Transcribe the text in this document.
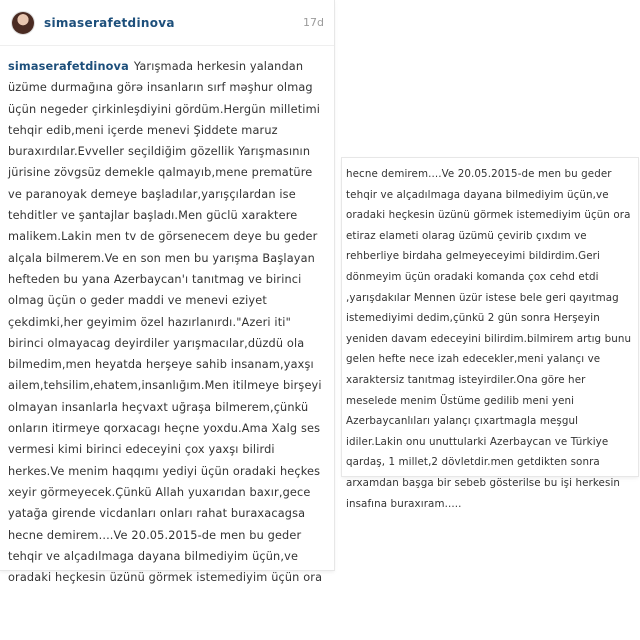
simaserafetdinova	17d
simaserafetdinova Yarışmada herkesin yalandan üzüme durmağına görə insanların sırf məşhur olmag üçün negeder çirkinleşdiyini gördüm.Hergün milletimi tehqir edib,meni içerde menevi Şiddete maruz buraxırdılar.Evveller seçildiğim gözellik Yarışmasının jürisine zövgsüz demekle qalmayıb,mene prematüre ve paranoyak demeye başladılar,yarışçılardan ise tehditler ve şantajlar başladı.Men güclü xaraktere malikem.Lakin men tv de görsenecem deye bu geder alçala bilmerem.Ve en son men bu yarışma Başlayan hefteden bu yana Azerbaycan'ı tanıtmag ve birinci olmag üçün o geder maddi ve menevi eziyet çekdimki,her geyimim özel hazırlanırdı."Azeri iti" birinci olmayacag deyirdiler yarışmacılar,düzdü ola bilmedim,men heyatda herşeye sahib insanam,yaxşı ailem,tehsilim,ehatem,insanlığım.Men itilmeye birşeyi olmayan insanlarla heçvaxt uğraşa bilmerem,çünkü onların itirmeye qorxacagı heçne yoxdu.Ama Xalg ses vermesi kimi birinci edeceyini çox yaxşı bilirdi herkes.Ve menim haqqımı yediyi üçün oradaki heçkes xeyir görmeyecek.Çünkü Allah yuxarıdan baxır,gece yatağa girende vicdanları onları rahat buraxacagsa hecne demirem....Ve 20.05.2015-de men bu geder tehqir ve alçadılmaga dayana bilmediyim üçün,ve oradaki heçkesin üzünü görmek istemediyim üçün ora
hecne demirem....Ve 20.05.2015-de men bu geder tehqir ve alçadılmaga dayana bilmediyim üçün,ve oradaki heçkesin üzünü görmek istemediyim üçün ora etiraz elameti olarag üzümü çevirib çıxdım ve rehberliye birdaha gelmeyeceyimi bildirdim.Geri dönmeyim üçün oradaki komanda çox cehd etdi ,yarışdakılar Mennen üzür istese bele geri qayıtmag istemediyimi dedim,çünkü 2 gün sonra Herşeyin yeniden davam edeceyini bilirdim.bilmirem artıg bunu gelen hefte nece izah edecekler,meni yalançı ve xaraktersiz tanıtmag isteyirdiler.Ona göre her meselede menim Üstüme gedilib meni yeni Azerbaycanlıları yalançı çıxartmagla meşgul idiler.Lakin onu unuttularki Azerbaycan ve Türkiye qardaş, 1 millet,2 dövletdir.men getdikten sonra arxamdan başga bir sebeb gösterilse bu işi herkesin insafına buraxıram.....
